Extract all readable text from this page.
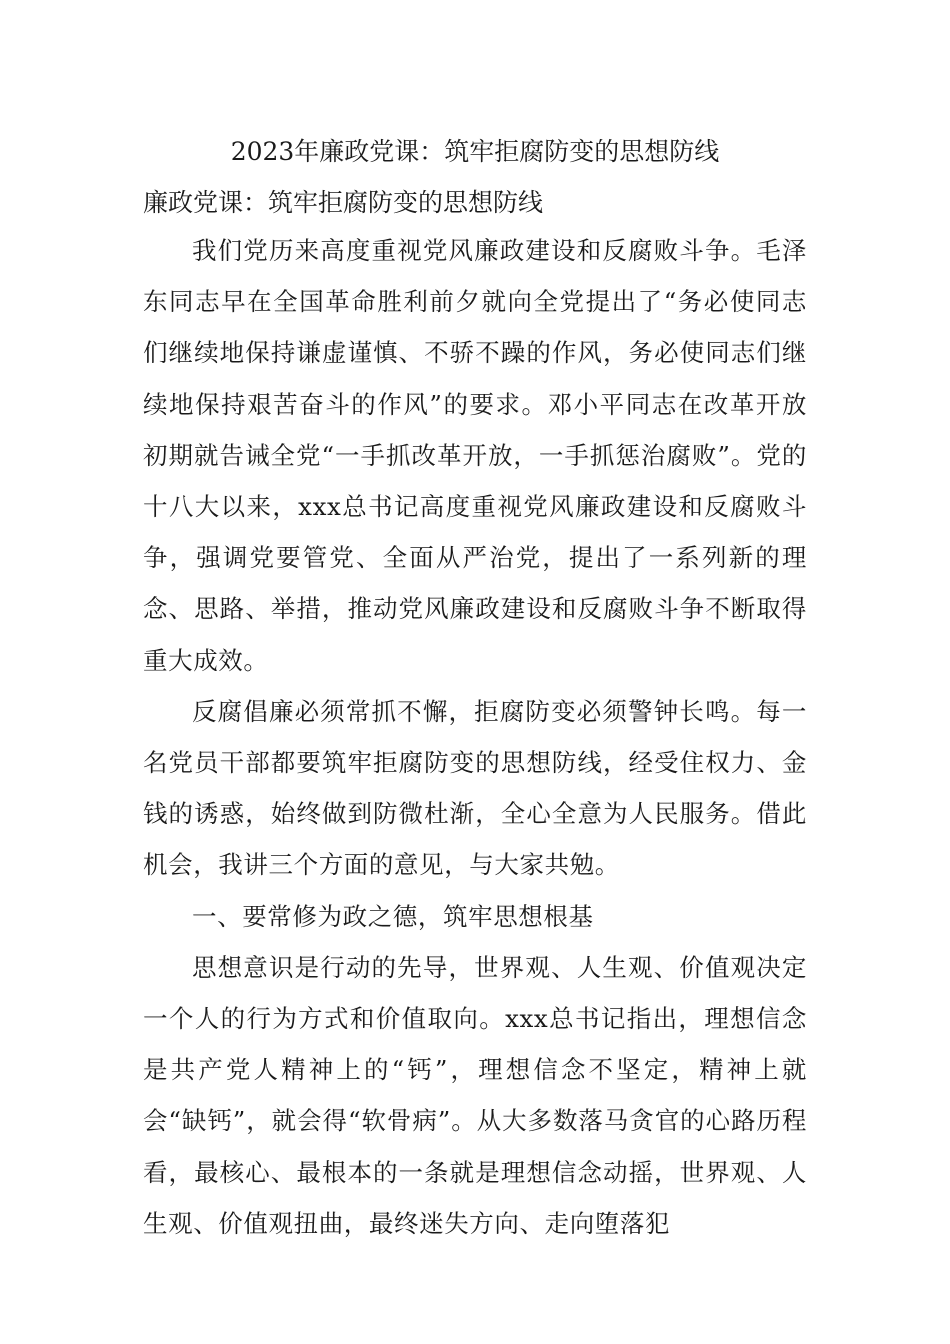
2023年廉政党课：筑牢拒腐防变的思想防线
廉政党课：筑牢拒腐防变的思想防线

我们党历来高度重视党风廉政建设和反腐败斗争。毛泽东同志早在全国革命胜利前夕就向全党提出了“务必使同志们继续地保持谦虚谨慎、不骄不躁的作风，务必使同志们继续地保持艰苦奋斗的作风”的要求。邓小平同志在改革开放初期就告诫全党“一手抓改革开放，一手抓惩治腐败”。党的十八大以来，xxx总书记高度重视党风廉政建设和反腐败斗争，强调党要管党、全面从严治党，提出了一系列新的理念、思路、举措，推动党风廉政建设和反腐败斗争不断取得重大成效。

反腐倡廉必须常抓不懈，拒腐防变必须警钟长鸣。每一名党员干部都要筑牢拒腐防变的思想防线，经受住权力、金钱的诱惑，始终做到防微杜渐，全心全意为人民服务。借此机会，我讲三个方面的意见，与大家共勉。

一、要常修为政之德，筑牢思想根基

思想意识是行动的先导，世界观、人生观、价值观决定一个人的行为方式和价值取向。xxx总书记指出，理想信念是共产党人精神上的“钙”，理想信念不坚定，精神上就会“缺钙”，就会得“软骨病”。从大多数落马贪官的心路历程看，最核心、最根本的一条就是理想信念动摇，世界观、人生观、价值观扭曲，最终迷失方向、走向堕落犯
